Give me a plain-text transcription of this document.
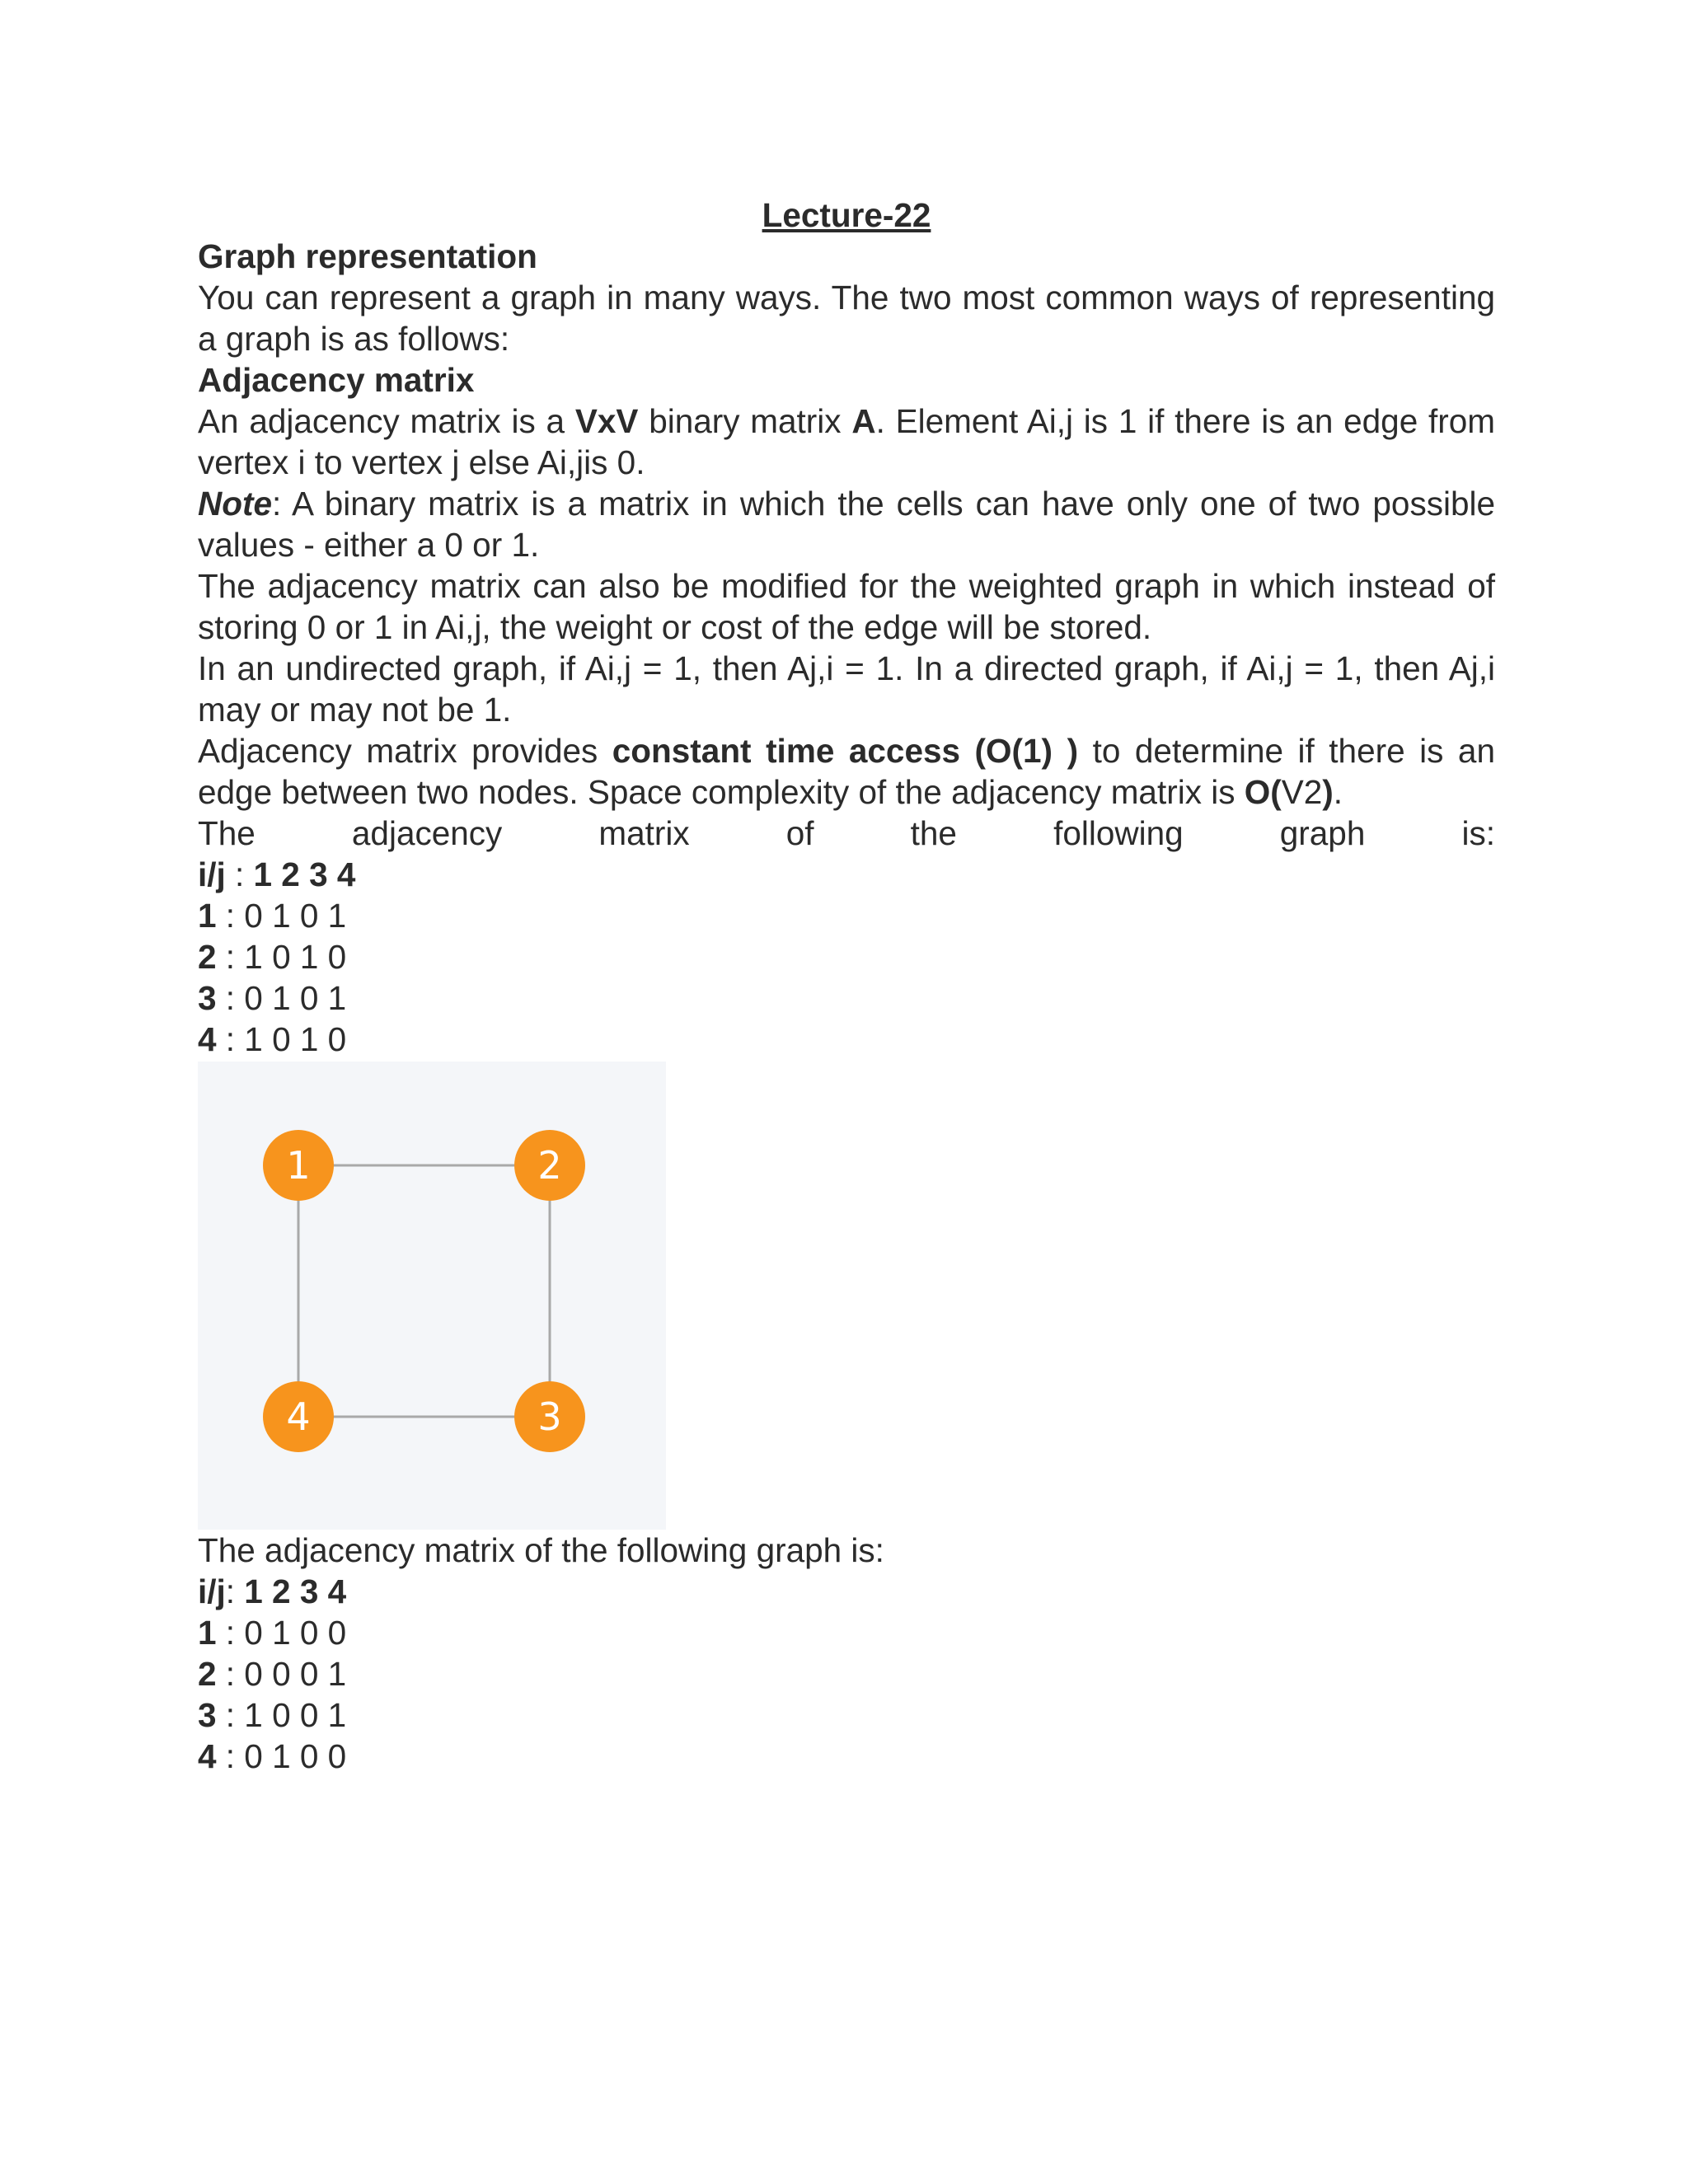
Lecture-22

Graph representation

You can represent a graph in many ways. The two most common ways of representing a graph is as follows:

Adjacency matrix

An adjacency matrix is a VxV binary matrix A. Element Ai,j is 1 if there is an edge from vertex i to vertex j else Ai,jis 0.

Note: A binary matrix is a matrix in which the cells can have only one of two possible values - either a 0 or 1.

The adjacency matrix can also be modified for the weighted graph in which instead of storing 0 or 1 in Ai,j, the weight or cost of the edge will be stored.

In an undirected graph, if Ai,j = 1, then Aj,i = 1. In a directed graph, if Ai,j = 1, then Aj,i may or may not be 1.

Adjacency matrix provides constant time access (O(1) ) to determine if there is an edge between two nodes. Space complexity of the adjacency matrix is O(V2).

The	adjacency	matrix	of	the	following	graph	is:

i/j : 1 2 3 4

1 : 0 1 0 1

2 : 1 0 1 0

3 : 0 1 0 1

4 : 1 0 1 0

1	2
3
4

The adjacency matrix of the following graph is:

i/j: 1 2 3 4

1 : 0 1 0 0

2 : 0 0 0 1

3 : 1 0 0 1

4 : 0 1 0 0
